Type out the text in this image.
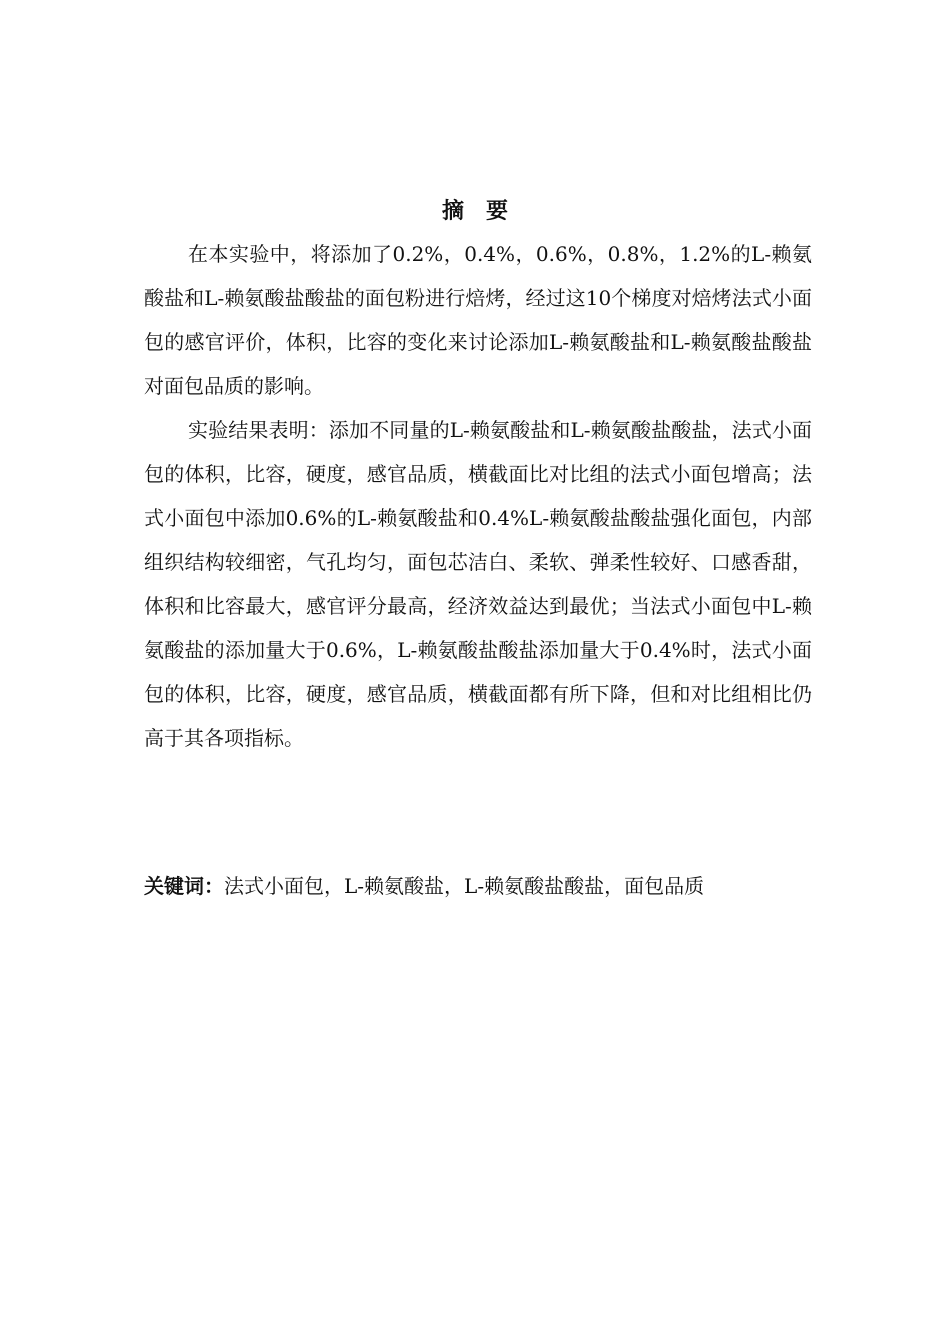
摘　要

在本实验中，将添加了0.2%，0.4%，0.6%，0.8%，1.2%的L-赖氨酸盐和L-赖氨酸盐酸盐的面包粉进行焙烤，经过这10个梯度对焙烤法式小面包的感官评价，体积，比容的变化来讨论添加L-赖氨酸盐和L-赖氨酸盐酸盐对面包品质的影响。

实验结果表明：添加不同量的L-赖氨酸盐和L-赖氨酸盐酸盐，法式小面包的体积，比容，硬度，感官品质，横截面比对比组的法式小面包增高；法式小面包中添加0.6%的L-赖氨酸盐和0.4%L-赖氨酸盐酸盐强化面包，内部组织结构较细密，气孔均匀，面包芯洁白、柔软、弹柔性较好、口感香甜，体积和比容最大，感官评分最高，经济效益达到最优；当法式小面包中L-赖氨酸盐的添加量大于0.6%，L-赖氨酸盐酸盐添加量大于0.4%时，法式小面包的体积，比容，硬度，感官品质，横截面都有所下降，但和对比组相比仍高于其各项指标。

关键词：法式小面包，L-赖氨酸盐，L-赖氨酸盐酸盐，面包品质
